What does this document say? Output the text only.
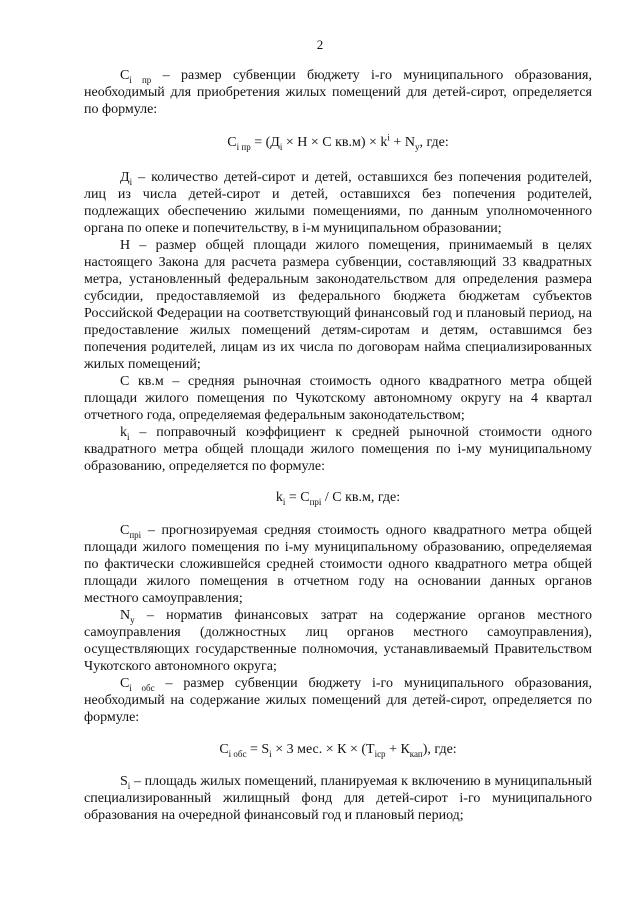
2

$C_{i пр}$ – размер субвенции бюджету i-го муниципального образования, необходимый для приобретения жилых помещений для детей-сирот, определяется по формуле:

$C_{i пр} = (Д_i \times Н \times С$ $кв.м) \times k^i + N_у$, где:

$Д_i$ – количество детей-сирот и детей, оставшихся без попечения родителей, лиц из числа детей-сирот и детей, оставшихся без попечения родителей, подлежащих обеспечению жилыми помещениями, по данным уполномоченного органа по опеке и попечительству, в i-м муниципальном образовании;

Н – размер общей площади жилого помещения, принимаемый в целях настоящего Закона для расчета размера субвенции, составляющий 33 квадратных метра, установленный федеральным законодательством для определения размера субсидии, предоставляемой из федерального бюджета бюджетам субъектов Российской Федерации на соответствующий финансовый год и плановый период, на предоставление жилых помещений детям-сиротам и детям, оставшимся без попечения родителей, лицам из их числа по договорам найма специализированных жилых помещений;

С кв.м – средняя рыночная стоимость одного квадратного метра общей площади жилого помещения по Чукотскому автономному округу на 4 квартал отчетного года, определяемая федеральным законодательством;

$k_i$ – поправочный коэффициент к средней рыночной стоимости одного квадратного метра общей площади жилого помещения по i-му муниципальному образованию, определяется по формуле:

$k_i = C_{прi} / С$ кв.м, где:

$C_{прi}$ – прогнозируемая средняя стоимость одного квадратного метра общей площади жилого помещения по i-му муниципальному образованию, определяемая по фактически сложившейся средней стоимости одного квадратного метра общей площади жилого помещения в отчетном году на основании данных органов местного самоуправления;

$N_у$ – норматив финансовых затрат на содержание органов местного самоуправления (должностных лиц органов местного самоуправления), осуществляющих государственные полномочия, устанавливаемый Правительством Чукотского автономного округа;

$C_{i обс}$ – размер субвенции бюджету i-го муниципального образования, необходимый на содержание жилых помещений для детей-сирот, определяется по формуле:

$C_{i обс} = S_i \times 3$ мес. × $К \times (Т_{iср} + К_{кап})$, где:

$S_i$ – площадь жилых помещений, планируемая к включению в муниципальный специализированный жилищный фонд для детей-сирот i-го муниципального образования на очередной финансовый год и плановый период;
